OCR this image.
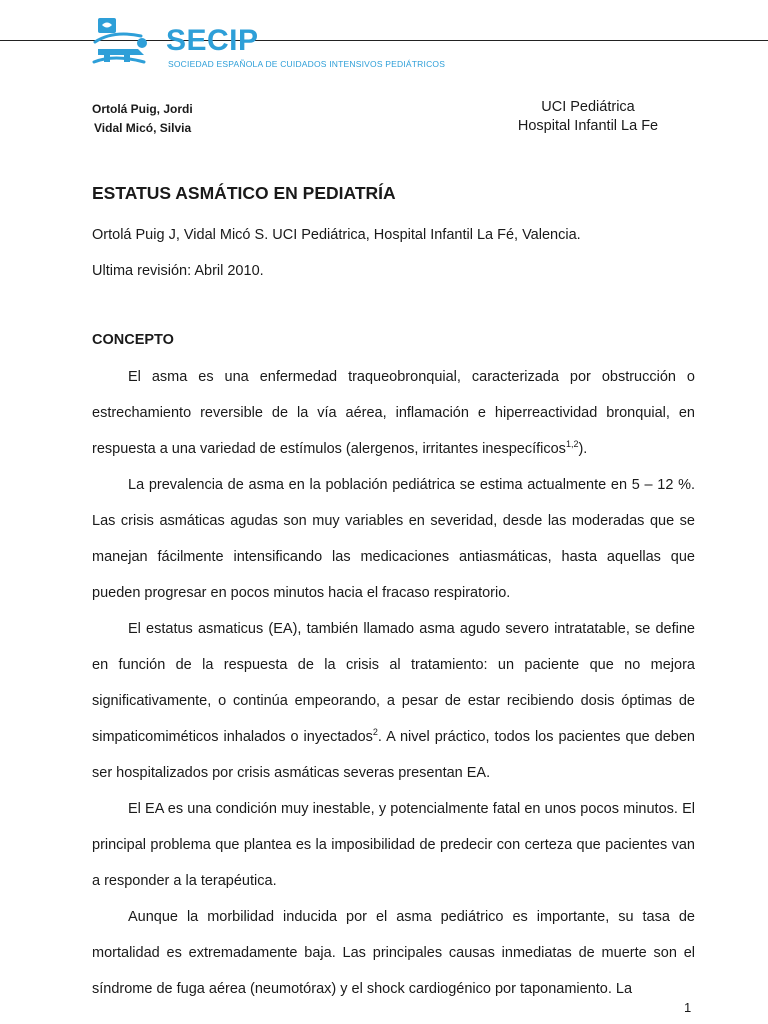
SECIP
SOCIEDAD ESPAÑOLA DE CUIDADOS INTENSIVOS PEDIÁTRICOS
Ortolá Puig, Jordi
Vidal Micó, Silvia
UCI Pediátrica
Hospital Infantil La Fe
ESTATUS ASMÁTICO EN PEDIATRÍA
Ortolá Puig J, Vidal Micó S. UCI Pediátrica, Hospital Infantil La Fé, Valencia.
Ultima revisión: Abril 2010.
CONCEPTO

El asma es una enfermedad traqueobronquial, caracterizada por obstrucción o estrechamiento reversible de la vía aérea, inflamación e hiperreactividad bronquial, en respuesta a una variedad de estímulos (alergenos, irritantes inespecíficos$^{1,2}$).

La prevalencia de asma en la población pediátrica se estima actualmente en 5 – 12 %. Las crisis asmáticas agudas son muy variables en severidad, desde las moderadas que se manejan fácilmente intensificando las medicaciones antiasmáticas, hasta aquellas que pueden progresar en pocos minutos hacia el fracaso respiratorio.

El estatus asmaticus (EA), también llamado asma agudo severo intratatable, se define en función de la respuesta de la crisis al tratamiento: un paciente que no mejora significativamente, o continúa empeorando, a pesar de estar recibiendo dosis óptimas de simpaticomiméticos inhalados o inyectados$^2$. A nivel práctico, todos los pacientes que deben ser hospitalizados por crisis asmáticas severas presentan EA.

El EA es una condición muy inestable, y potencialmente fatal en unos pocos minutos. El principal problema que plantea es la imposibilidad de predecir con certeza que pacientes van a responder a la terapéutica.

Aunque la morbilidad inducida por el asma pediátrico es importante, su tasa de mortalidad es extremadamente baja. Las principales causas inmediatas de muerte son el síndrome de fuga aérea (neumotórax) y el shock cardiogénico por taponamiento. La

1
